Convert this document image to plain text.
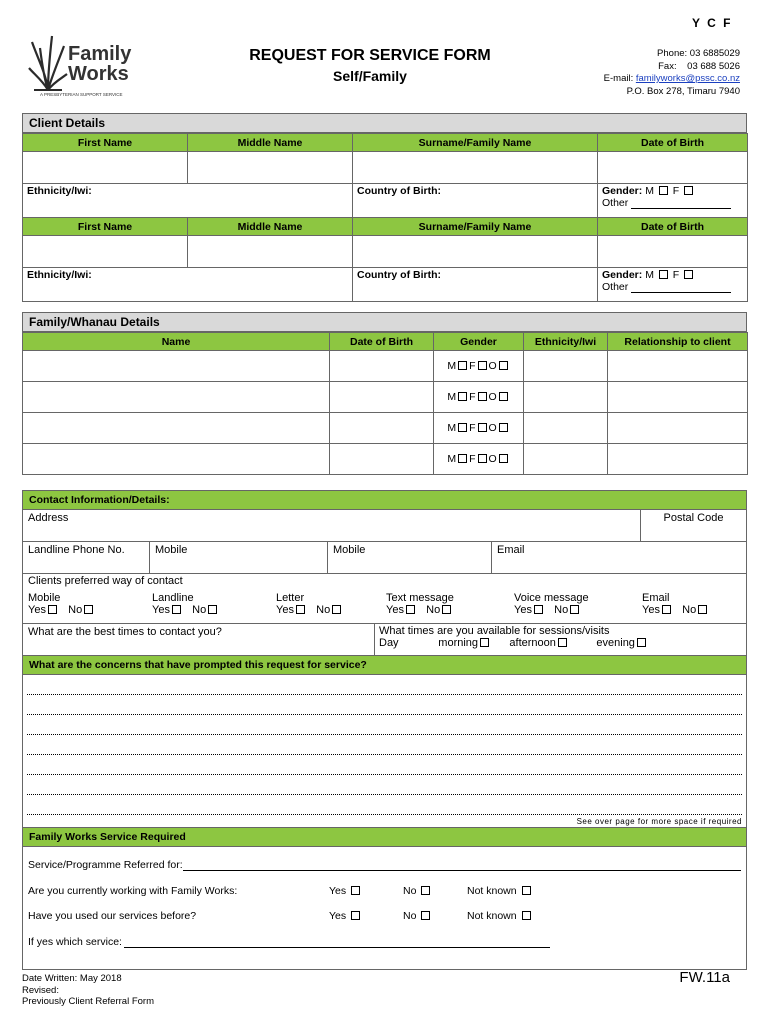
Y C F
Family
Works
A PRESBYTERIAN SUPPORT SERVICE
REQUEST FOR SERVICE FORM
Self/Family
Phone: 03 6885029
Fax:    03 688 5026
E-mail: familyworks@pssc.co.nz
P.O. Box 278, Timaru 7940
Client Details
First Name	Middle Name	Surname/Family Name	Date of Birth

Ethnicity/Iwi:		Country of Birth:	Gender: M F
Other
First Name	Middle Name	Surname/Family Name	Date of Birth

Ethnicity/Iwi:		Country of Birth:	Gender: M F
Other
Family/Whanau Details
Name	Date of Birth	Gender	Ethnicity/Iwi	Relationship to client
		M F O		
		M F O		
		M F O		
		M F O		
Contact Information/Details:
Address	Postal Code
Landline Phone No.	Mobile	Mobile	Email
Clients preferred way of contact
Mobile
Yes No
Landline
Yes No
Letter
Yes No
Text message
Yes No
Voice message
Yes No
Email
Yes No
What are the best times to contact you?	What times are you available for sessions/visits
Day	morning	afternoon	evening
What are the concerns that have prompted this request for service?
See over page for more space if required
Family Works Service Required
Service/Programme Referred for:
Are you currently working with Family Works:	Yes	No	Not known
Have you used our services before?	Yes	No	Not known
If yes which service:
Date Written: May 2018
Revised:
Previously Client Referral Form
FW.11a
